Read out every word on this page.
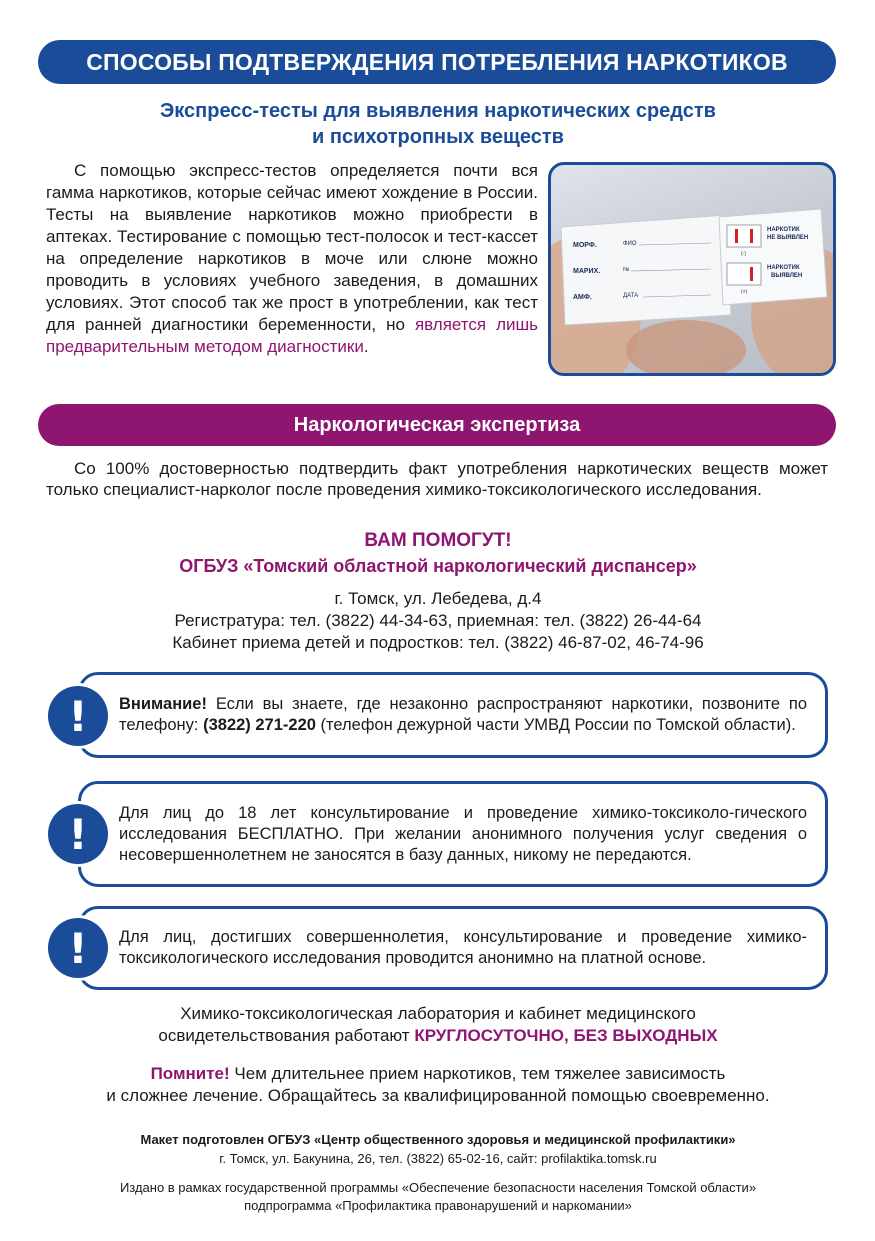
СПОСОБЫ ПОДТВЕРЖДЕНИЯ ПОТРЕБЛЕНИЯ НАРКОТИКОВ
Экспресс-тесты для выявления наркотических средств
и психотропных веществ

С помощью экспресс-тестов определяется почти вся гамма наркотиков, которые сейчас имеют хождение в России. Тесты на выявление наркотиков можно приобрести в аптеках. Тестирование с помощью тест-полосок и тест-кассет на определение наркотиков в моче или слюне можно проводить в условиях учебного заведения, в домашних условиях. Этот способ так же прост в употреблении, как тест для ранней диагностики беременности, но является лишь предварительным методом диагностики.

МОРФ.
МАРИХ.
АМФ.
ФИО
№
ДАТА
(-)
НАРКОТИК
НЕ ВЫЯВЛЕН
(+)
НАРКОТИК
ВЫЯВЛЕН
Наркологическая экспертиза

Со 100% достоверностью подтвердить факт употребления наркотических веществ может только специалист-нарколог после проведения химико-токсикологического исследования.

ВАМ ПОМОГУТ!
ОГБУЗ «Томский областной наркологический диспансер»
г. Томск, ул. Лебедева, д.4
Регистратура: тел. (3822) 44-34-63, приемная: тел. (3822) 26-44-64
Кабинет приема детей и подростков: тел. (3822) 46-87-02, 46-74-96

Внимание! Если вы знаете, где незаконно распространяют наркотики, позвоните по телефону: (3822) 271-220 (телефон дежурной части УМВД России по Томской области).

!

Для лиц до 18 лет консультирование и проведение химико-токсиколо-гического исследования БЕСПЛАТНО. При желании анонимного получения услуг сведения о несовершеннолетнем не заносятся в базу данных, никому не передаются.

!

Для лиц, достигших совершеннолетия, консультирование и проведение химико-токсикологического исследования проводится анонимно на платной основе.

!
Химико-токсикологическая лаборатория и кабинет медицинского
освидетельствования работают КРУГЛОСУТОЧНО, БЕЗ ВЫХОДНЫХ
Помните! Чем длительнее прием наркотиков, тем тяжелее зависимость
и сложнее лечение. Обращайтесь за квалифицированной помощью своевременно.
Макет подготовлен ОГБУЗ «Центр общественного здоровья и медицинской профилактики»
г. Томск, ул. Бакунина, 26, тел. (3822) 65-02-16, сайт: profilaktika.tomsk.ru
Издано в рамках государственной программы «Обеспечение безопасности населения Томской области»
подпрограмма «Профилактика правонарушений и наркомании»
